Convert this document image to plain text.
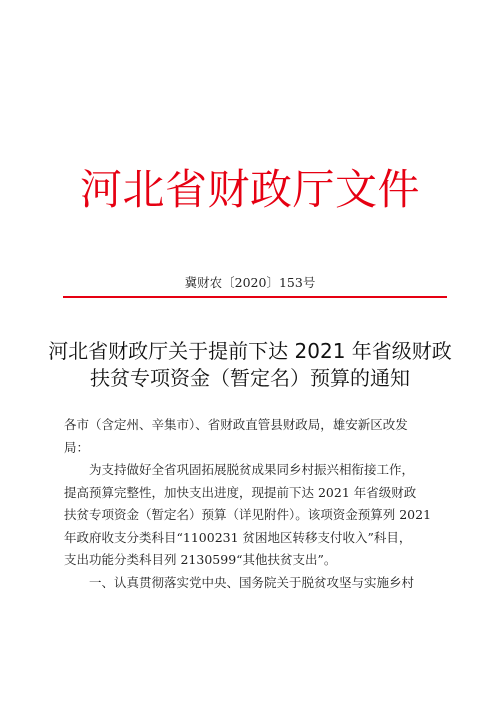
河北省财政厅文件
冀财农〔2020〕153号
河北省财政厅关于提前下达 2021 年省级财政
扶贫专项资金（暂定名）预算的通知
各市（含定州、辛集市）、省财政直管县财政局，雄安新区改发
局：
为支持做好全省巩固拓展脱贫成果同乡村振兴相衔接工作，
提高预算完整性，加快支出进度，现提前下达 2021 年省级财政
扶贫专项资金（暂定名）预算（详见附件）。该项资金预算列 2021
年政府收支分类科目“1100231 贫困地区转移支付收入”科目，
支出功能分类科目列 2130599“其他扶贫支出”。
一、认真贯彻落实党中央、国务院关于脱贫攻坚与实施乡村
